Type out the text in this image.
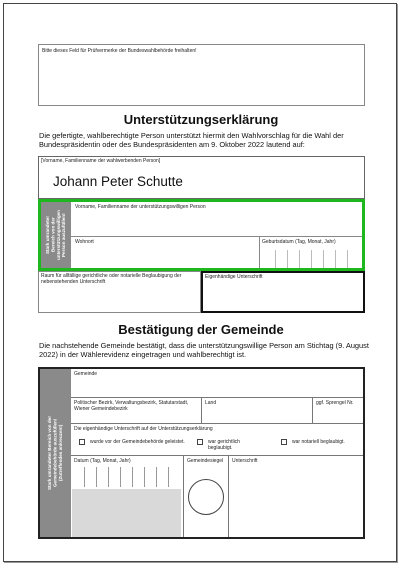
Bitte dieses Feld für Prüfvermerke der Bundeswahlbehörde freihalten!
Unterstützungserklärung
Die gefertigte, wahlberechtigte Person unterstützt hiermit den Wahlvorschlag für die Wahl der Bundespräsidentin oder des Bundespräsidenten am 9. Oktober 2022 lautend auf:
[Vorname, Familienname der wahlwerbenden Person]
Johann Peter Schutte
Stark umrandeter
Bereich von der
unterstützungswilligen
Person auszufüllen!
Vorname, Familienname der unterstützungswilligen Person
Wohnort	Geburtsdatum (Tag, Monat, Jahr)
Raum für allfällige gerichtliche oder notarielle Beglaubigung der nebenstehenden Unterschrift
Eigenhändige Unterschrift
Bestätigung der Gemeinde
Die nachstehende Gemeinde bestätigt, dass die unterstützungswillige Person am Stichtag (9. August 2022) in der Wählerevidenz eingetragen und wahlberechtigt ist.
Stark umrandeter Bereich von der
Gemeindebehörde auszufüllen!
(Zutreffendes ankreuzen!)
Gemeinde
Politischer Bezirk, Verwaltungsbezirk, Statutarstadt, Wiener Gemeindebezirk
Land	ggf. Sprengel Nr.
Die eigenhändige Unterschrift auf der Unterstützungserklärung
wurde vor der Gemeindebehörde geleistet.	war gerichtlich beglaubigt.
war notariell beglaubigt.
Datum (Tag, Monat, Jahr)	Gemeindesiegel Unterschrift
